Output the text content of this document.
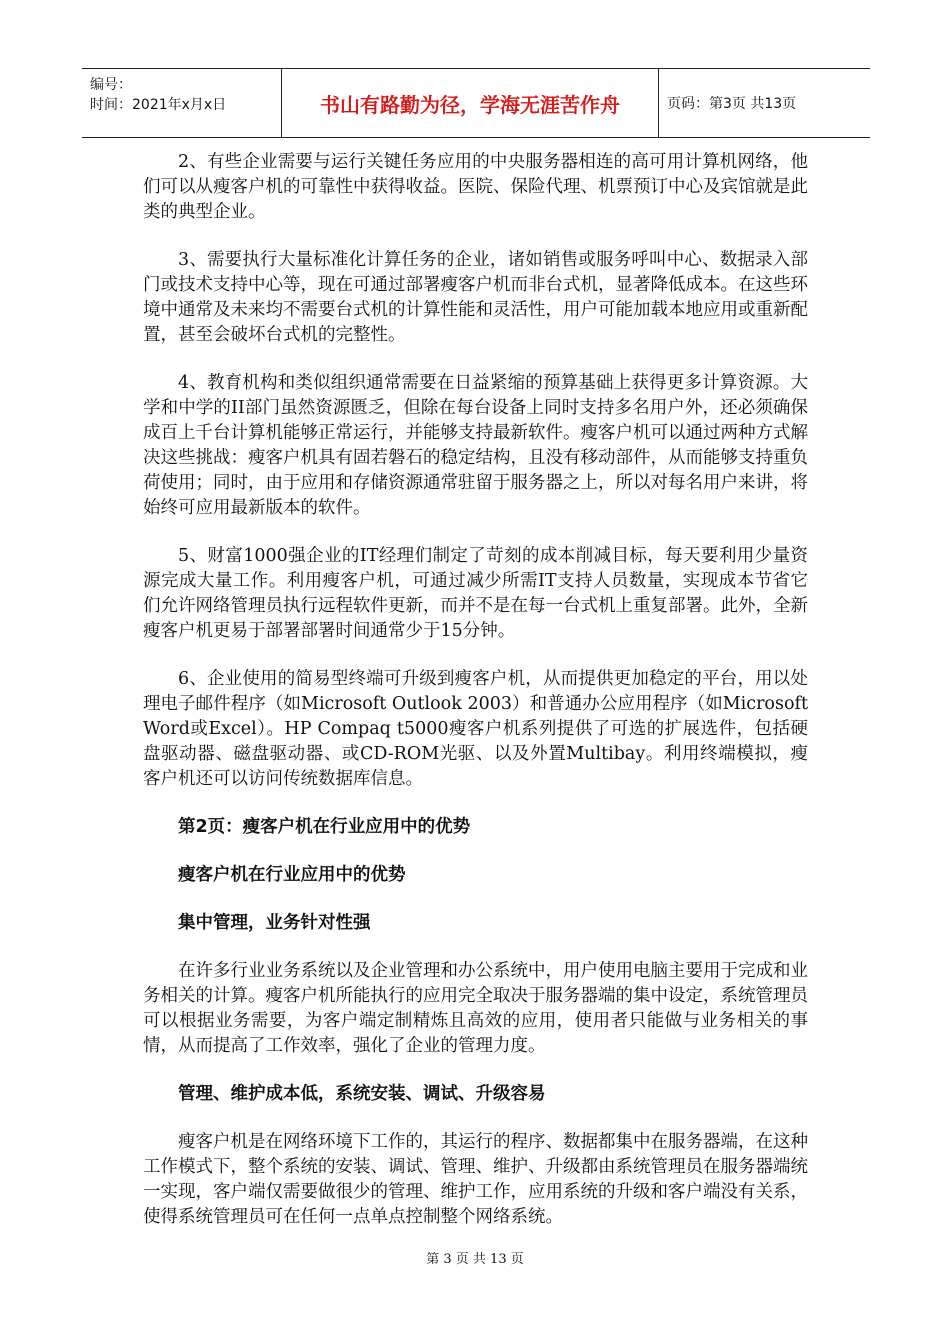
编号：
时间：2021年x月x日	书山有路勤为径，学海无涯苦作舟	页码：第3页 共13页

2、有些企业需要与运行关键任务应用的中央服务器相连的高可用计算机网络，他们可以从瘦客户机的可靠性中获得收益。医院、保险代理、机票预订中心及宾馆就是此类的典型企业。

3、需要执行大量标准化计算任务的企业，诸如销售或服务呼叫中心、数据录入部门或技术支持中心等，现在可通过部署瘦客户机而非台式机，显著降低成本。在这些环境中通常及未来均不需要台式机的计算性能和灵活性，用户可能加载本地应用或重新配置，甚至会破坏台式机的完整性。

4、教育机构和类似组织通常需要在日益紧缩的预算基础上获得更多计算资源。大学和中学的II部门虽然资源匮乏，但除在每台设备上同时支持多名用户外，还必须确保成百上千台计算机能够正常运行，并能够支持最新软件。瘦客户机可以通过两种方式解决这些挑战：瘦客户机具有固若磐石的稳定结构，且没有移动部件，从而能够支持重负荷使用；同时，由于应用和存储资源通常驻留于服务器之上，所以对每名用户来讲，将始终可应用最新版本的软件。

5、财富1000强企业的IT经理们制定了苛刻的成本削减目标，每天要利用少量资源完成大量工作。利用瘦客户机，可通过减少所需IT支持人员数量，实现成本节省它们允许网络管理员执行远程软件更新，而并不是在每一台式机上重复部署。此外，全新瘦客户机更易于部署部署时间通常少于15分钟。

6、企业使用的简易型终端可升级到瘦客户机，从而提供更加稳定的平台，用以处理电子邮件程序（如Microsoft Outlook 2003）和普通办公应用程序（如Microsoft Word或Excel）。HP Compaq t5000瘦客户机系列提供了可选的扩展选件，包括硬盘驱动器、磁盘驱动器、或CD-ROM光驱、以及外置Multibay。利用终端模拟，瘦客户机还可以访问传统数据库信息。

第2页：瘦客户机在行业应用中的优势
瘦客户机在行业应用中的优势
集中管理，业务针对性强

在许多行业业务系统以及企业管理和办公系统中，用户使用电脑主要用于完成和业务相关的计算。瘦客户机所能执行的应用完全取决于服务器端的集中设定，系统管理员可以根据业务需要，为客户端定制精炼且高效的应用，使用者只能做与业务相关的事情，从而提高了工作效率，强化了企业的管理力度。

管理、维护成本低，系统安装、调试、升级容易

瘦客户机是在网络环境下工作的，其运行的程序、数据都集中在服务器端，在这种工作模式下，整个系统的安装、调试、管理、维护、升级都由系统管理员在服务器端统一实现，客户端仅需要做很少的管理、维护工作，应用系统的升级和客户端没有关系，使得系统管理员可在任何一点单点控制整个网络系统。

第 3 页 共 13 页
